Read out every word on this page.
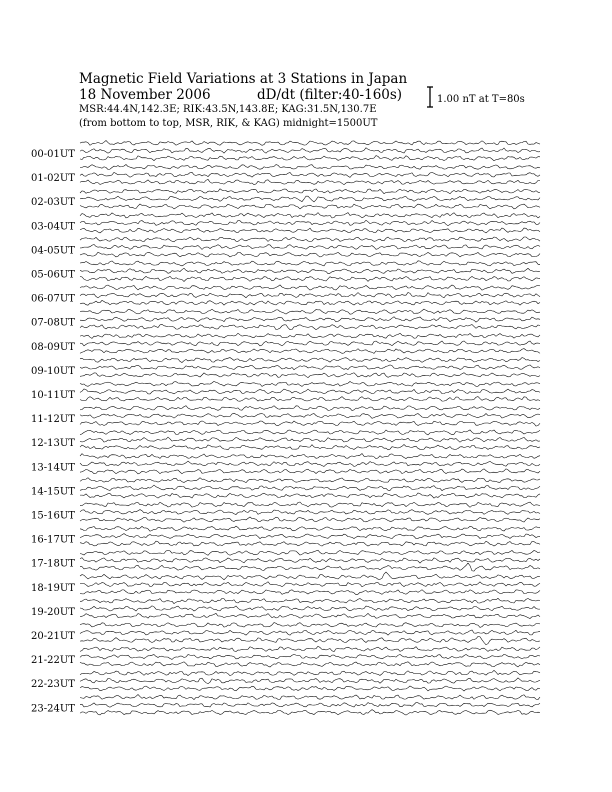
00-01UT
01-02UT
02-03UT
03-04UT
04-05UT
05-06UT
06-07UT
07-08UT
08-09UT
09-10UT
10-11UT
11-12UT
12-13UT
13-14UT
14-15UT
15-16UT
16-17UT
17-18UT
18-19UT
19-20UT
20-21UT
21-22UT
22-23UT
23-24UT
Magnetic Field Variations at 3 Stations in Japan
18 November 2006	dD/dt (filter:40-160s)
MSR:44.4N,142.3E; RIK:43.5N,143.8E; KAG:31.5N,130.7E
(from bottom to top, MSR, RIK, & KAG) midnight=1500UT
1.00 nT at T=80s
